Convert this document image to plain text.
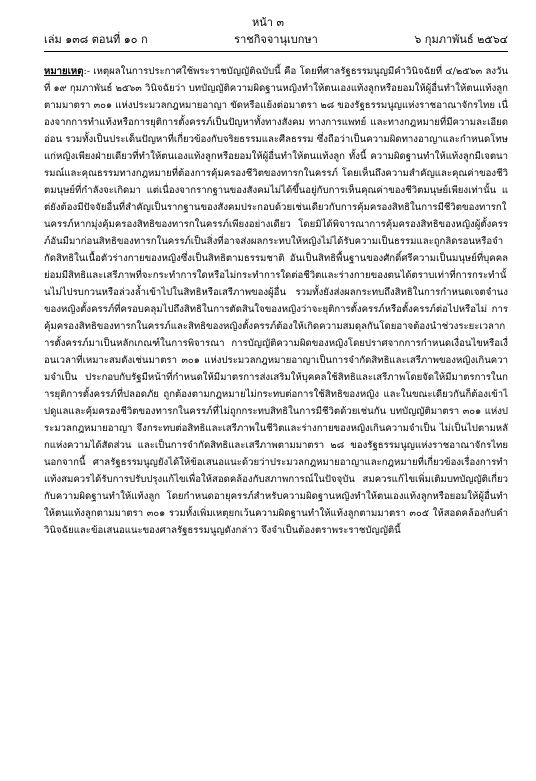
หน้า ๓
เล่ม ๑๓๘ ตอนที่ ๑๐ ก	ราชกิจจานุเบกษา	๖ กุมภาพันธ์ ๒๕๖๔
หมายเหตุ:- เหตุผลในการประกาศใช้พระราชบัญญัติฉบับนี้ คือ โดยที่ศาลรัฐธรรมนูญมีคำวินิจฉัยที่ ๔/๒๕๖๓ ลงวันที่ ๑๙ กุมภาพันธ์ ๒๕๖๓ วินิจฉัยว่า บทบัญญัติความผิดฐานหญิงทำให้ตนเองแท้งลูกหรือยอมให้ผู้อื่นทำให้ตนแท้งลูก ตามมาตรา ๓๐๑ แห่งประมวลกฎหมายอาญา ขัดหรือแย้งต่อมาตรา ๒๘ ของรัฐธรรมนูญแห่งราชอาณาจักรไทย เนื่องจากการทำแท้งหรือการยุติการตั้งครรภ์เป็นปัญหาทั้งทางสังคม ทางการแพทย์ และทางกฎหมายที่มีความละเอียดอ่อน รวมทั้งเป็นประเด็นปัญหาที่เกี่ยวข้องกับจริยธรรมและศีลธรรม ซึ่งถือว่าเป็นความผิดทางอาญาและกำหนดโทษแก่หญิงเพียงฝ่ายเดียวที่ทำให้ตนเองแท้งลูกหรือยอมให้ผู้อื่นทำให้ตนแท้งลูก ทั้งนี้ ความผิดฐานทำให้แท้งลูกมีเจตนารมณ์และคุณธรรมทางกฎหมายที่ต้องการคุ้มครองชีวิตของทารกในครรภ์ โดยเห็นถึงความสำคัญและคุณค่าของชีวิตมนุษย์ที่กำลังจะเกิดมา แต่เนื่องจากรากฐานของสังคมไม่ได้ขึ้นอยู่กับการเห็นคุณค่าของชีวิตมนุษย์เพียงเท่านั้น แต่ยังต้องมีปัจจัยอื่นที่สำคัญเป็นรากฐานของสังคมประกอบด้วยเช่นเดียวกับการคุ้มครองสิทธิในการมีชีวิตของทารกในครรภ์หากมุ่งคุ้มครองสิทธิของทารกในครรภ์เพียงอย่างเดียว โดยมิได้พิจารณาการคุ้มครองสิทธิของหญิงผู้ตั้งครรภ์อันมีมาก่อนสิทธิของทารกในครรภ์เป็นสิ่งที่อาจส่งผลกระทบให้หญิงไม่ได้รับความเป็นธรรมและถูกลิดรอนหรือจำกัดสิทธิในเนื้อตัวร่างกายของหญิงซึ่งเป็นสิทธิตามธรรมชาติ อันเป็นสิทธิพื้นฐานของศักดิ์ศรีความเป็นมนุษย์ที่บุคคลย่อมมีสิทธิและเสรีภาพที่จะกระทำการใดหรือไม่กระทำการใดต่อชีวิตและร่างกายของตนได้ตราบเท่าที่การกระทำนั้นไม่ไปรบกวนหรือล่วงล้ำเข้าไปในสิทธิหรือเสรีภาพของผู้อื่น รวมทั้งยังส่งผลกระทบถึงสิทธิในการกำหนดเจตจำนงของหญิงตั้งครรภ์ที่ครอบคลุมไปถึงสิทธิในการตัดสินใจของหญิงว่าจะยุติการตั้งครรภ์หรือตั้งครรภ์ต่อไปหรือไม่ การคุ้มครองสิทธิของทารกในครรภ์และสิทธิของหญิงตั้งครรภ์ต้องให้เกิดความสมดุลกันโดยอาจต้องนำช่วงระยะเวลาการตั้งครรภ์มาเป็นหลักเกณฑ์ในการพิจารณา การบัญญัติความผิดของหญิงโดยปราศจากการกำหนดเงื่อนไขหรือเงื่อนเวลาที่เหมาะสมดังเช่นมาตรา ๓๐๑ แห่งประมวลกฎหมายอาญาเป็นการจำกัดสิทธิและเสรีภาพของหญิงเกินความจำเป็น ประกอบกับรัฐมีหน้าที่กำหนดให้มีมาตรการส่งเสริมให้บุคคลใช้สิทธิและเสรีภาพโดยจัดให้มีมาตรการในการยุติการตั้งครรภ์ที่ปลอดภัย ถูกต้องตามกฎหมายไม่กระทบต่อการใช้สิทธิของหญิง และในขณะเดียวกันก็ต้องเข้าไปดูแลและคุ้มครองชีวิตของทารกในครรภ์ที่ไม่ถูกกระทบสิทธิในการมีชีวิตด้วยเช่นกัน บทบัญญัติมาตรา ๓๐๑ แห่งประมวลกฎหมายอาญา จึงกระทบต่อสิทธิและเสรีภาพในชีวิตและร่างกายของหญิงเกินความจำเป็น ไม่เป็นไปตามหลักแห่งความได้สัดส่วน และเป็นการจำกัดสิทธิและเสรีภาพตามมาตรา ๒๘ ของรัฐธรรมนูญแห่งราชอาณาจักรไทย นอกจากนี้ ศาลรัฐธรรมนูญยังได้ให้ข้อเสนอแนะด้วยว่าประมวลกฎหมายอาญาและกฎหมายที่เกี่ยวข้องเรื่องการทำแท้งสมควรได้รับการปรับปรุงแก้ไขเพื่อให้สอดคล้องกับสภาพการณ์ในปัจจุบัน สมควรแก้ไขเพิ่มเติมบทบัญญัติเกี่ยวกับความผิดฐานทำให้แท้งลูก โดยกำหนดอายุครรภ์สำหรับความผิดฐานหญิงทำให้ตนเองแท้งลูกหรือยอมให้ผู้อื่นทำให้ตนแท้งลูกตามมาตรา ๓๐๑ รวมทั้งเพิ่มเหตุยกเว้นความผิดฐานทำให้แท้งลูกตามมาตรา ๓๐๕ ให้สอดคล้องกับคำวินิจฉัยและข้อเสนอแนะของศาลรัฐธรรมนูญดังกล่าว จึงจำเป็นต้องตราพระราชบัญญัตินี้
